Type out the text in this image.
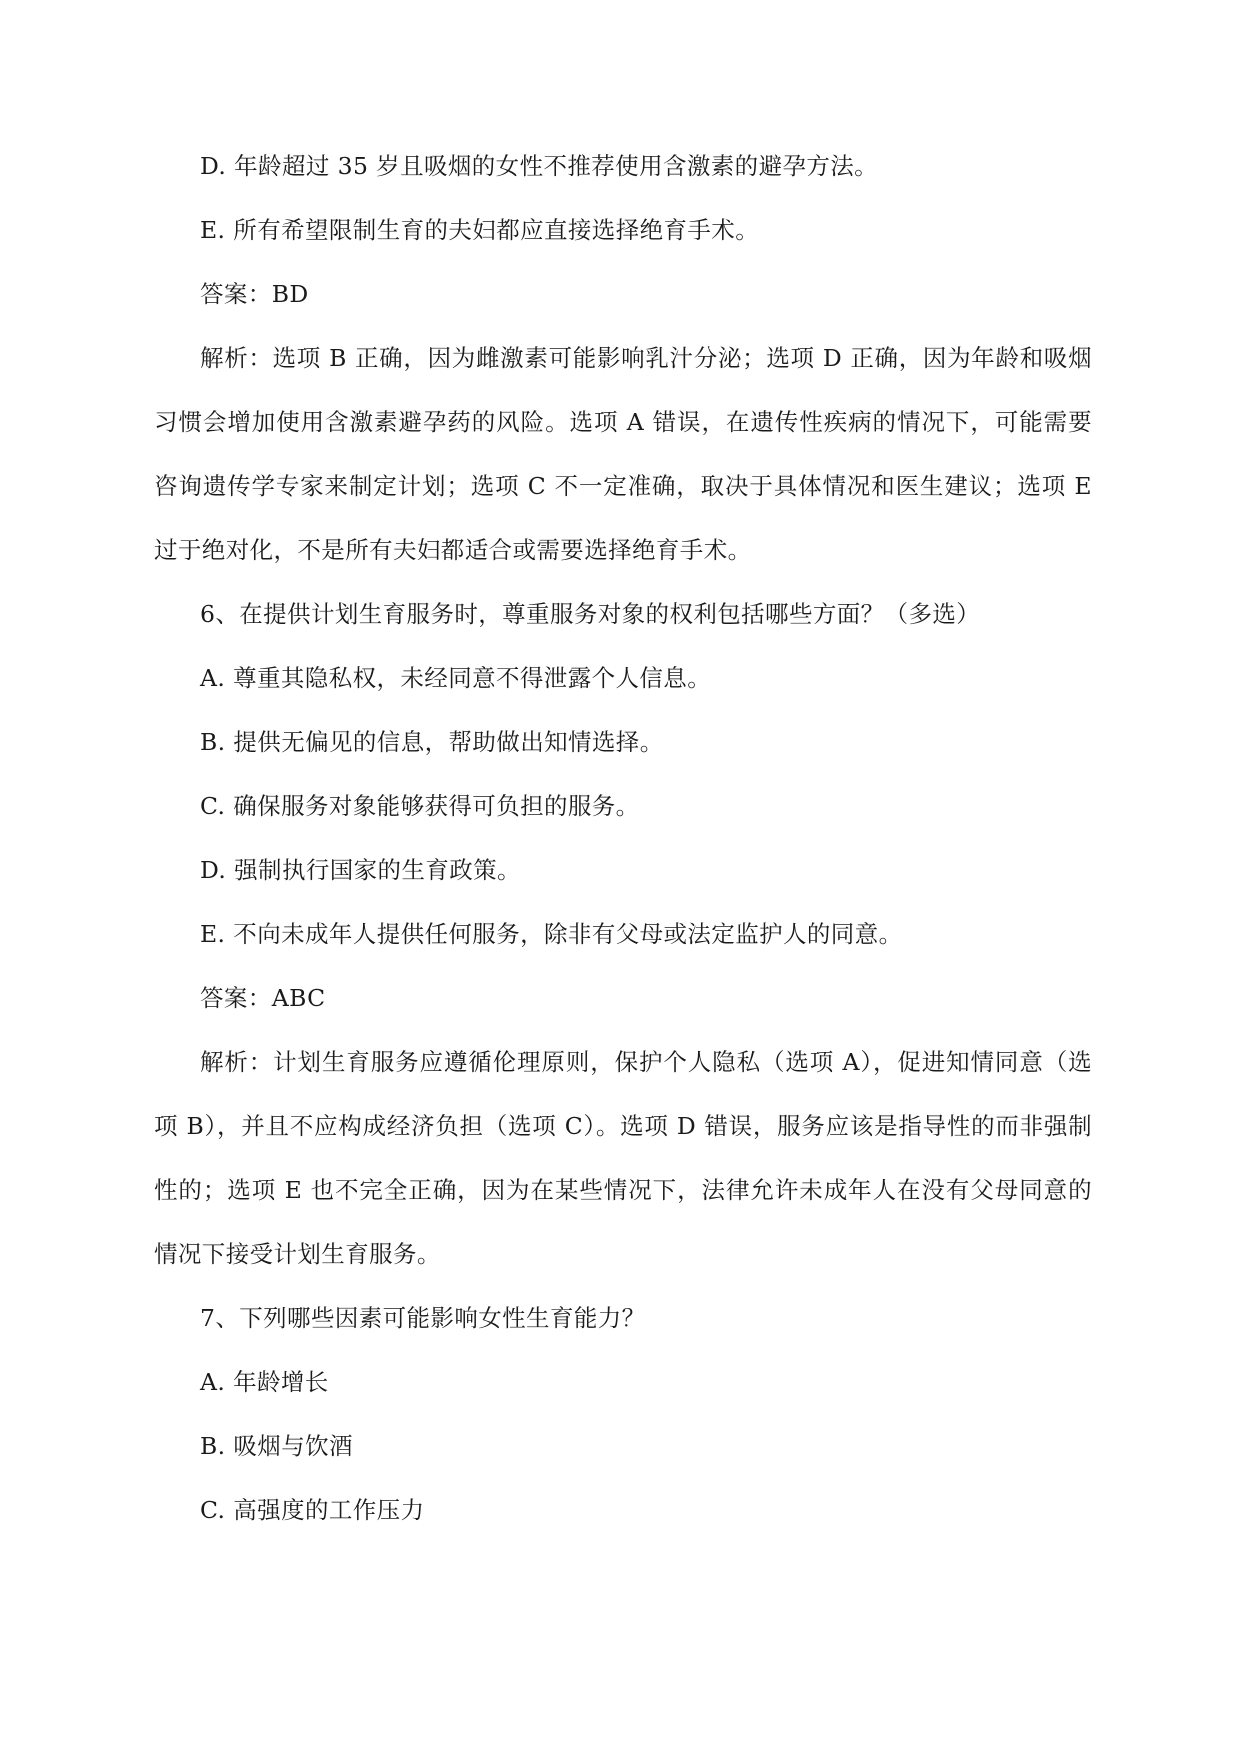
D. 年龄超过 35 岁且吸烟的女性不推荐使用含激素的避孕方法。
E. 所有希望限制生育的夫妇都应直接选择绝育手术。
答案：BD
解析：选项 B 正确，因为雌激素可能影响乳汁分泌；选项 D 正确，因为年龄和吸烟习惯会增加使用含激素避孕药的风险。选项 A 错误，在遗传性疾病的情况下，可能需要咨询遗传学专家来制定计划；选项 C 不一定准确，取决于具体情况和医生建议；选项 E 过于绝对化，不是所有夫妇都适合或需要选择绝育手术。
6、在提供计划生育服务时，尊重服务对象的权利包括哪些方面？（多选）
A. 尊重其隐私权，未经同意不得泄露个人信息。
B. 提供无偏见的信息，帮助做出知情选择。
C. 确保服务对象能够获得可负担的服务。
D. 强制执行国家的生育政策。
E. 不向未成年人提供任何服务，除非有父母或法定监护人的同意。
答案：ABC
解析：计划生育服务应遵循伦理原则，保护个人隐私（选项 A），促进知情同意（选项 B），并且不应构成经济负担（选项 C）。选项 D 错误，服务应该是指导性的而非强制性的；选项 E 也不完全正确，因为在某些情况下，法律允许未成年人在没有父母同意的情况下接受计划生育服务。
7、下列哪些因素可能影响女性生育能力？
A. 年龄增长
B. 吸烟与饮酒
C. 高强度的工作压力
